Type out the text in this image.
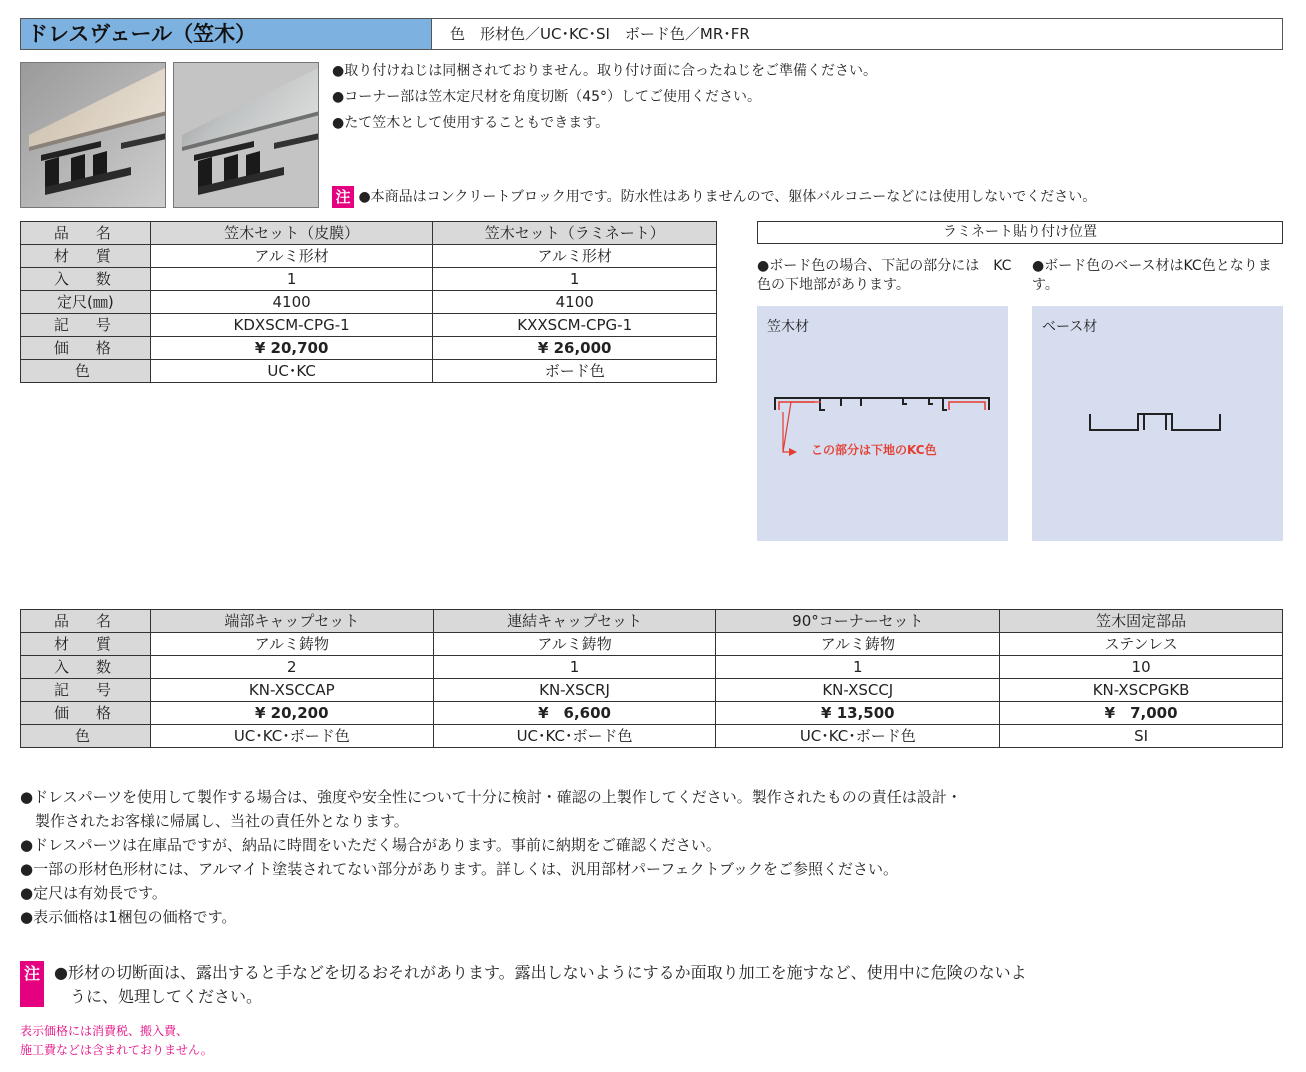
ドレスヴェール（笠木）	色　形材色／UC･KC･SI　ボード色／MR･FR
●取り付けねじは同梱されておりません。取り付け面に合ったねじをご準備ください。
●コーナー部は笠木定尺材を角度切断（45°）してご使用ください。
●たて笠木として使用することもできます。
注 ●本商品はコンクリートブロック用です。防水性はありませんので、躯体バルコニーなどには使用しないでください。
品　名	笠木セット（皮膜）	笠木セット（ラミネート）
材　質	アルミ形材	アルミ形材
入　数	1	1
定尺(㎜)	4100	4100
記　号	KDXSCM-CPG-1	KXXSCM-CPG-1
価　格	¥ 20,700	¥ 26,000
色	UC･KC	ボード色
ラミネート貼り付け位置
●ボード色の場合、下記の部分には　KC色の下地部があります。
●ボード色のベース材はKC色となります。
笠木材
この部分は下地のKC色
ベース材
品　名	端部キャップセット	連結キャップセット	90°コーナーセット	笠木固定部品
材　質	アルミ鋳物	アルミ鋳物	アルミ鋳物	ステンレス
入　数	2	1	1	10
記　号	KN-XSCCAP	KN-XSCRJ	KN-XSCCJ	KN-XSCPGKB
価　格	¥ 20,200	¥　6,600	¥ 13,500	¥　7,000
色	UC･KC･ボード色	UC･KC･ボード色	UC･KC･ボード色	SI
●ドレスパーツを使用して製作する場合は、強度や安全性について十分に検討・確認の上製作してください。製作されたものの責任は設計・
　製作されたお客様に帰属し、当社の責任外となります。
●ドレスパーツは在庫品ですが、納品に時間をいただく場合があります。事前に納期をご確認ください。
●一部の形材色形材には、アルマイト塗装されてない部分があります。詳しくは、汎用部材パーフェクトブックをご参照ください。
●定尺は有効長です。
●表示価格は1梱包の価格です。
注 ●形材の切断面は、露出すると手などを切るおそれがあります。露出しないようにするか面取り加工を施すなど、使用中に危険のないよ
　うに、処理してください。
表示価格には消費税、搬入費、
施工費などは含まれておりません。
